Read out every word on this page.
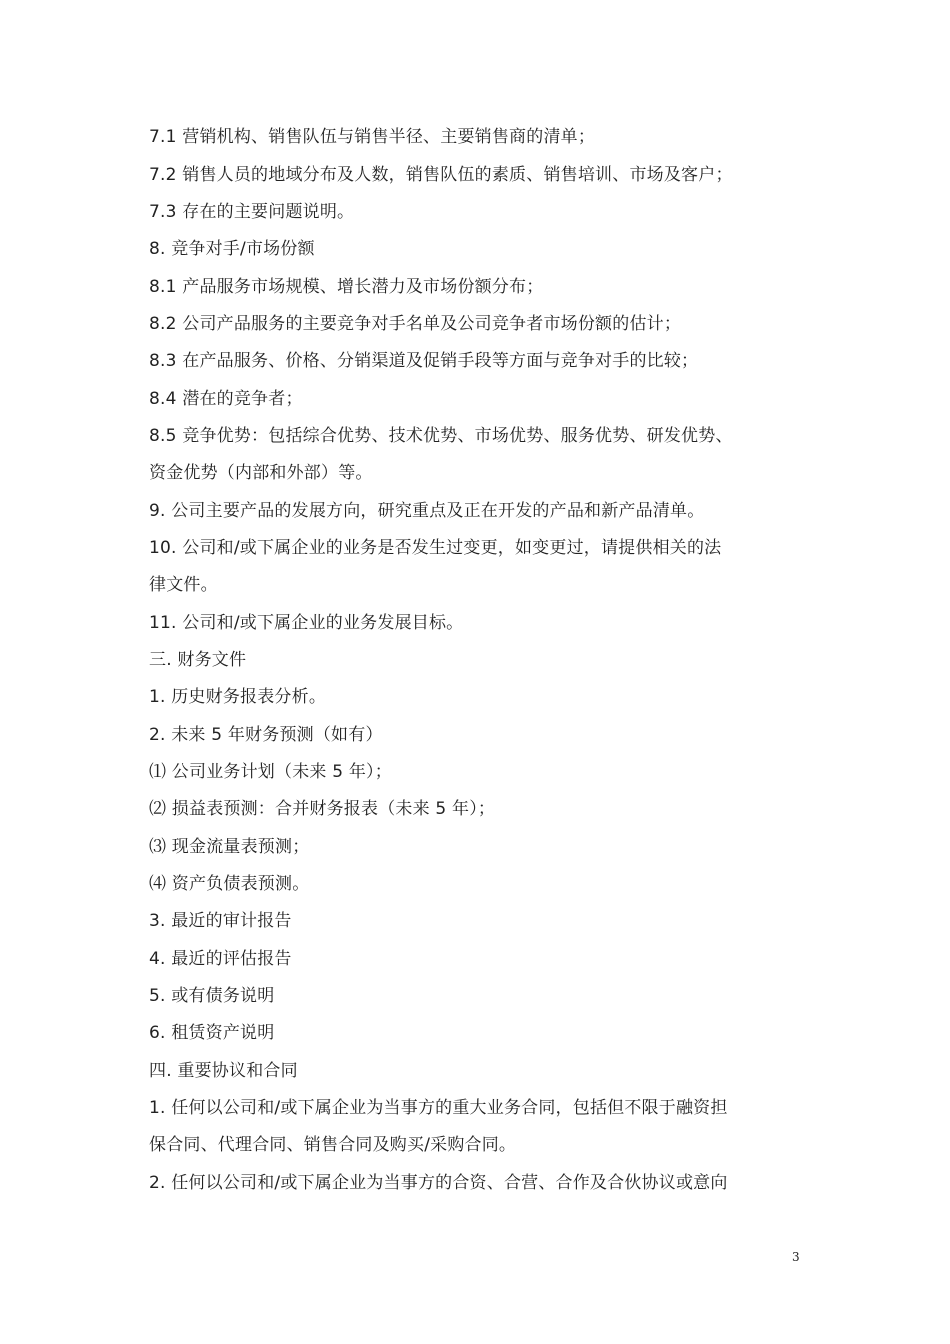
7.1 营销机构、销售队伍与销售半径、主要销售商的清单；
7.2 销售人员的地域分布及人数，销售队伍的素质、销售培训、市场及客户；
7.3 存在的主要问题说明。
8. 竞争对手/市场份额
8.1 产品服务市场规模、增长潜力及市场份额分布；
8.2 公司产品服务的主要竞争对手名单及公司竞争者市场份额的估计；
8.3 在产品服务、价格、分销渠道及促销手段等方面与竞争对手的比较；
8.4 潜在的竞争者；
8.5 竞争优势：包括综合优势、技术优势、市场优势、服务优势、研发优势、
资金优势（内部和外部）等。
9. 公司主要产品的发展方向，研究重点及正在开发的产品和新产品清单。
10. 公司和/或下属企业的业务是否发生过变更，如变更过，请提供相关的法
律文件。
11. 公司和/或下属企业的业务发展目标。
三. 财务文件
1. 历史财务报表分析。
2. 未来 5 年财务预测（如有）
⑴ 公司业务计划（未来 5 年）；
⑵ 损益表预测：合并财务报表（未来 5 年）；
⑶ 现金流量表预测；
⑷ 资产负债表预测。
3. 最近的审计报告
4. 最近的评估报告
5. 或有债务说明
6. 租赁资产说明
四. 重要协议和合同
1. 任何以公司和/或下属企业为当事方的重大业务合同，包括但不限于融资担
保合同、代理合同、销售合同及购买/采购合同。
2. 任何以公司和/或下属企业为当事方的合资、合营、合作及合伙协议或意向
3
